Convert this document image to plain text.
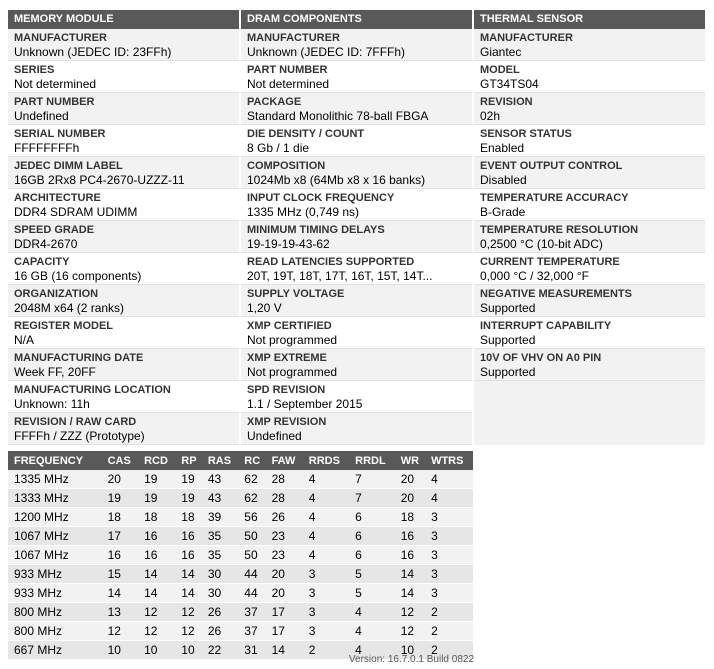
MEMORY MODULE
MANUFACTURER
Unknown (JEDEC ID: 23FFh)
SERIES
Not determined
PART NUMBER
Undefined
SERIAL NUMBER
FFFFFFFFh
JEDEC DIMM LABEL
16GB 2Rx8 PC4-2670-UZZZ-11
ARCHITECTURE
DDR4 SDRAM UDIMM
SPEED GRADE
DDR4-2670
CAPACITY
16 GB (16 components)
ORGANIZATION
2048M x64 (2 ranks)
REGISTER MODEL
N/A
MANUFACTURING DATE
Week FF, 20FF
MANUFACTURING LOCATION
Unknown: 11h
REVISION / RAW CARD
FFFFh / ZZZ (Prototype)
DRAM COMPONENTS
MANUFACTURER
Unknown (JEDEC ID: 7FFFh)
PART NUMBER
Not determined
PACKAGE
Standard Monolithic 78-ball FBGA
DIE DENSITY / COUNT
8 Gb / 1 die
COMPOSITION
1024Mb x8 (64Mb x8 x 16 banks)
INPUT CLOCK FREQUENCY
1335 MHz (0,749 ns)
MINIMUM TIMING DELAYS
19-19-19-43-62
READ LATENCIES SUPPORTED
20T, 19T, 18T, 17T, 16T, 15T, 14T...
SUPPLY VOLTAGE
1,20 V
XMP CERTIFIED
Not programmed
XMP EXTREME
Not programmed
SPD REVISION
1.1 / September 2015
XMP REVISION
Undefined
THERMAL SENSOR
MANUFACTURER
Giantec
MODEL
GT34TS04
REVISION
02h
SENSOR STATUS
Enabled
EVENT OUTPUT CONTROL
Disabled
TEMPERATURE ACCURACY
B-Grade
TEMPERATURE RESOLUTION
0,2500 °C (10-bit ADC)
CURRENT TEMPERATURE
0,000 °C / 32,000 °F
NEGATIVE MEASUREMENTS
Supported
INTERRUPT CAPABILITY
Supported
10V OF VHV ON A0 PIN
Supported
FREQUENCY	CAS	RCD	RP	RAS	RC	FAW	RRDS	RRDL	WR	WTRS
1335 MHz	20	19	19	43	62	28	4	7	20	4
1333 MHz	19	19	19	43	62	28	4	7	20	4
1200 MHz	18	18	18	39	56	26	4	6	18	3
1067 MHz	17	16	16	35	50	23	4	6	16	3
1067 MHz	16	16	16	35	50	23	4	6	16	3
933 MHz	15	14	14	30	44	20	3	5	14	3
933 MHz	14	14	14	30	44	20	3	5	14	3
800 MHz	13	12	12	26	37	17	3	4	12	2
800 MHz	12	12	12	26	37	17	3	4	12	2
667 MHz	10	10	10	22	31	14	2	4	10	2
Version: 16.7.0.1 Build 0822
